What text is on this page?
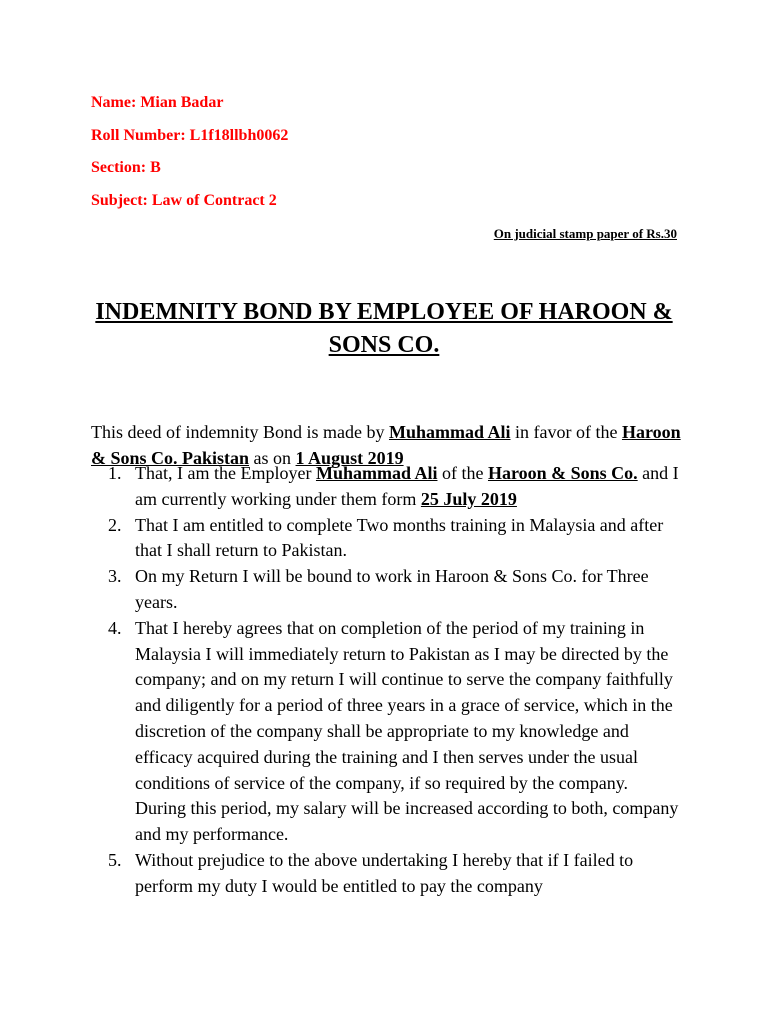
Name: Mian Badar
Roll Number: L1f18llbh0062
Section: B
Subject: Law of Contract 2
On judicial stamp paper of Rs.30
INDEMNITY BOND BY EMPLOYEE OF HAROON & SONS CO.

This deed of indemnity Bond is made by Muhammad Ali in favor of the Haroon & Sons Co. Pakistan as on 1 August 2019

1. That, I am the Employer Muhammad Ali of the Haroon & Sons Co. and I am currently working under them form 25 July 2019
2. That I am entitled to complete Two months training in Malaysia and after that I shall return to Pakistan.
3. On my Return I will be bound to work in Haroon & Sons Co. for Three years.
4. That I hereby agrees that on completion of the period of my training in Malaysia I will immediately return to Pakistan as I may be directed by the company; and on my return I will continue to serve the company faithfully and diligently for a period of three years in a grace of service, which in the discretion of the company shall be appropriate to my knowledge and efficacy acquired during the training and I then serves under the usual conditions of service of the company, if so required by the company. During this period, my salary will be increased according to both, company and my performance.
5. Without prejudice to the above undertaking I hereby that if I failed to perform my duty I would be entitled to pay the company
